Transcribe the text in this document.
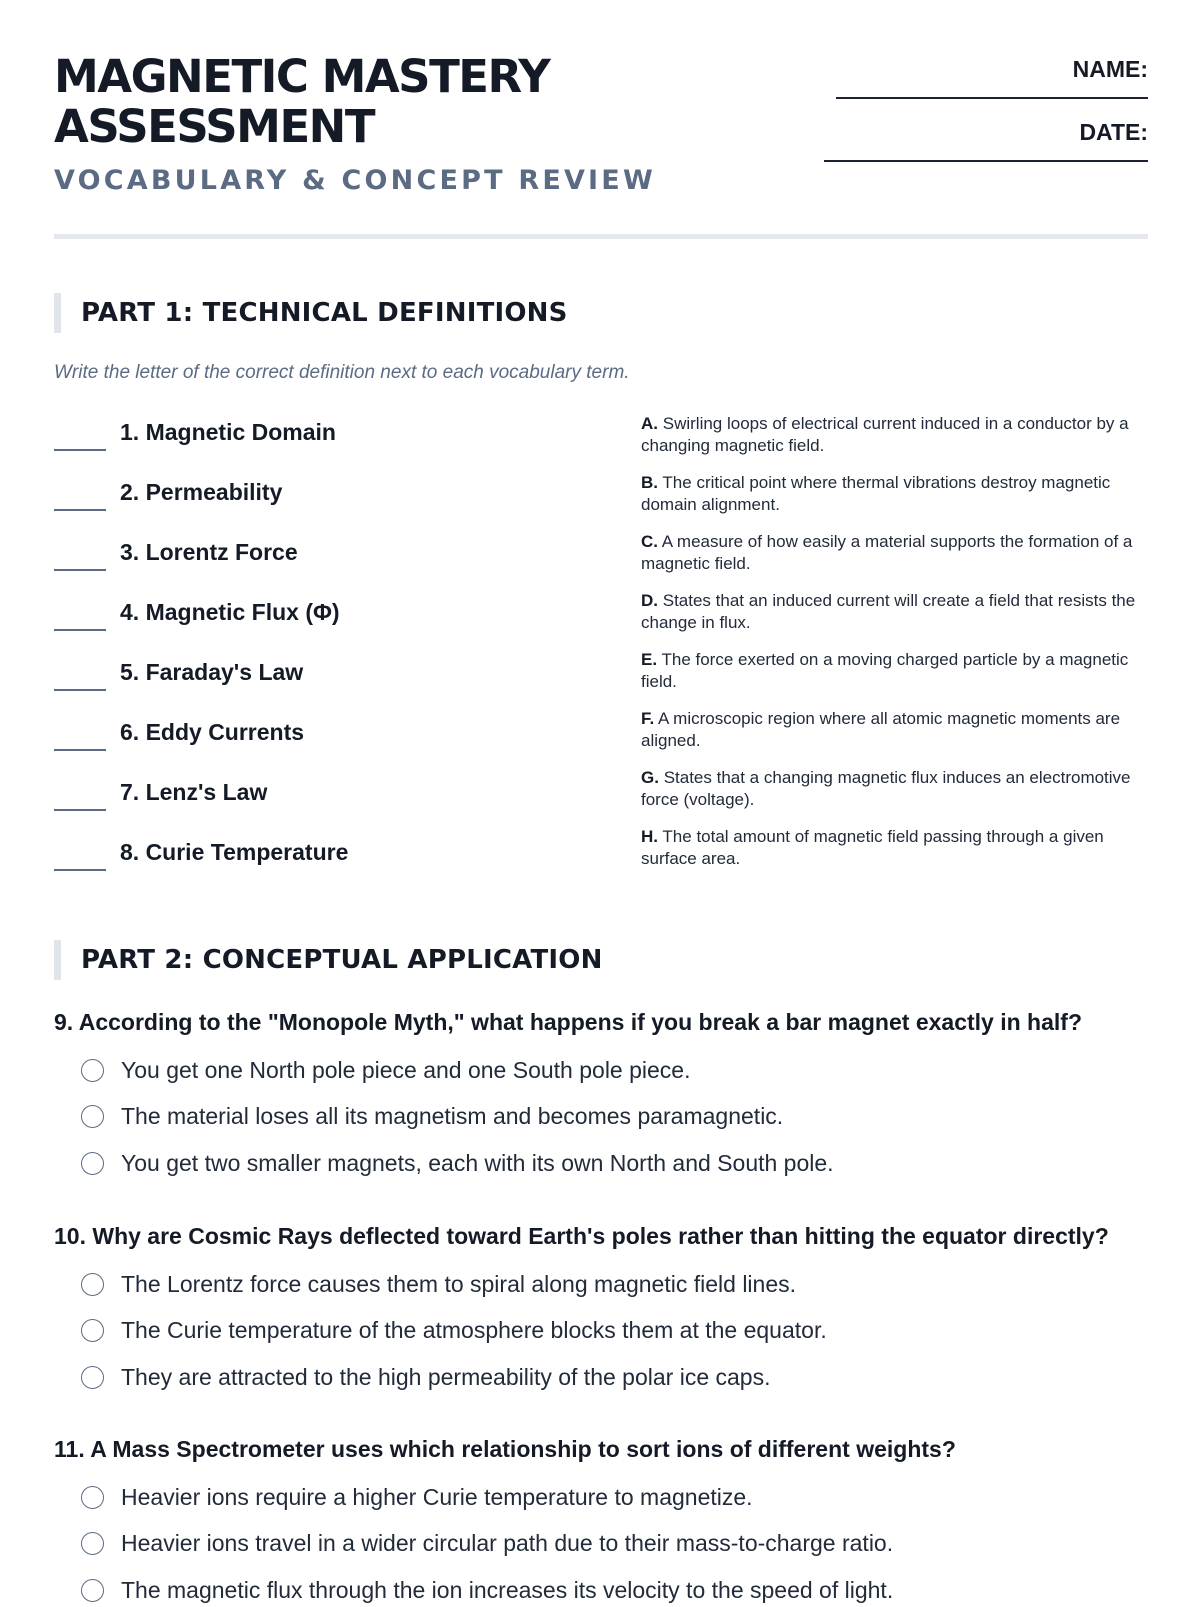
MAGNETIC MASTERY ASSESSMENT
VOCABULARY & CONCEPT REVIEW
NAME:
DATE:
PART 1: TECHNICAL DEFINITIONS

Write the letter of the correct definition next to each vocabulary term.

1. Magnetic Domain
2. Permeability
3. Lorentz Force
4. Magnetic Flux (Φ)
5. Faraday's Law
6. Eddy Currents
7. Lenz's Law
8. Curie Temperature

A. Swirling loops of electrical current induced in a conductor by a changing magnetic field.

B. The critical point where thermal vibrations destroy magnetic domain alignment.

C. A measure of how easily a material supports the formation of a magnetic field.

D. States that an induced current will create a field that resists the change in flux.

E. The force exerted on a moving charged particle by a magnetic field.

F. A microscopic region where all atomic magnetic moments are aligned.

G. States that a changing magnetic flux induces an electromotive force (voltage).

H. The total amount of magnetic field passing through a given surface area.

PART 2: CONCEPTUAL APPLICATION

9. According to the "Monopole Myth," what happens if you break a bar magnet exactly in half?

You get one North pole piece and one South pole piece.
The material loses all its magnetism and becomes paramagnetic.
You get two smaller magnets, each with its own North and South pole.

10. Why are Cosmic Rays deflected toward Earth's poles rather than hitting the equator directly?

The Lorentz force causes them to spiral along magnetic field lines.
The Curie temperature of the atmosphere blocks them at the equator.
They are attracted to the high permeability of the polar ice caps.

11. A Mass Spectrometer uses which relationship to sort ions of different weights?

Heavier ions require a higher Curie temperature to magnetize.
Heavier ions travel in a wider circular path due to their mass-to-charge ratio.
The magnetic flux through the ion increases its velocity to the speed of light.
